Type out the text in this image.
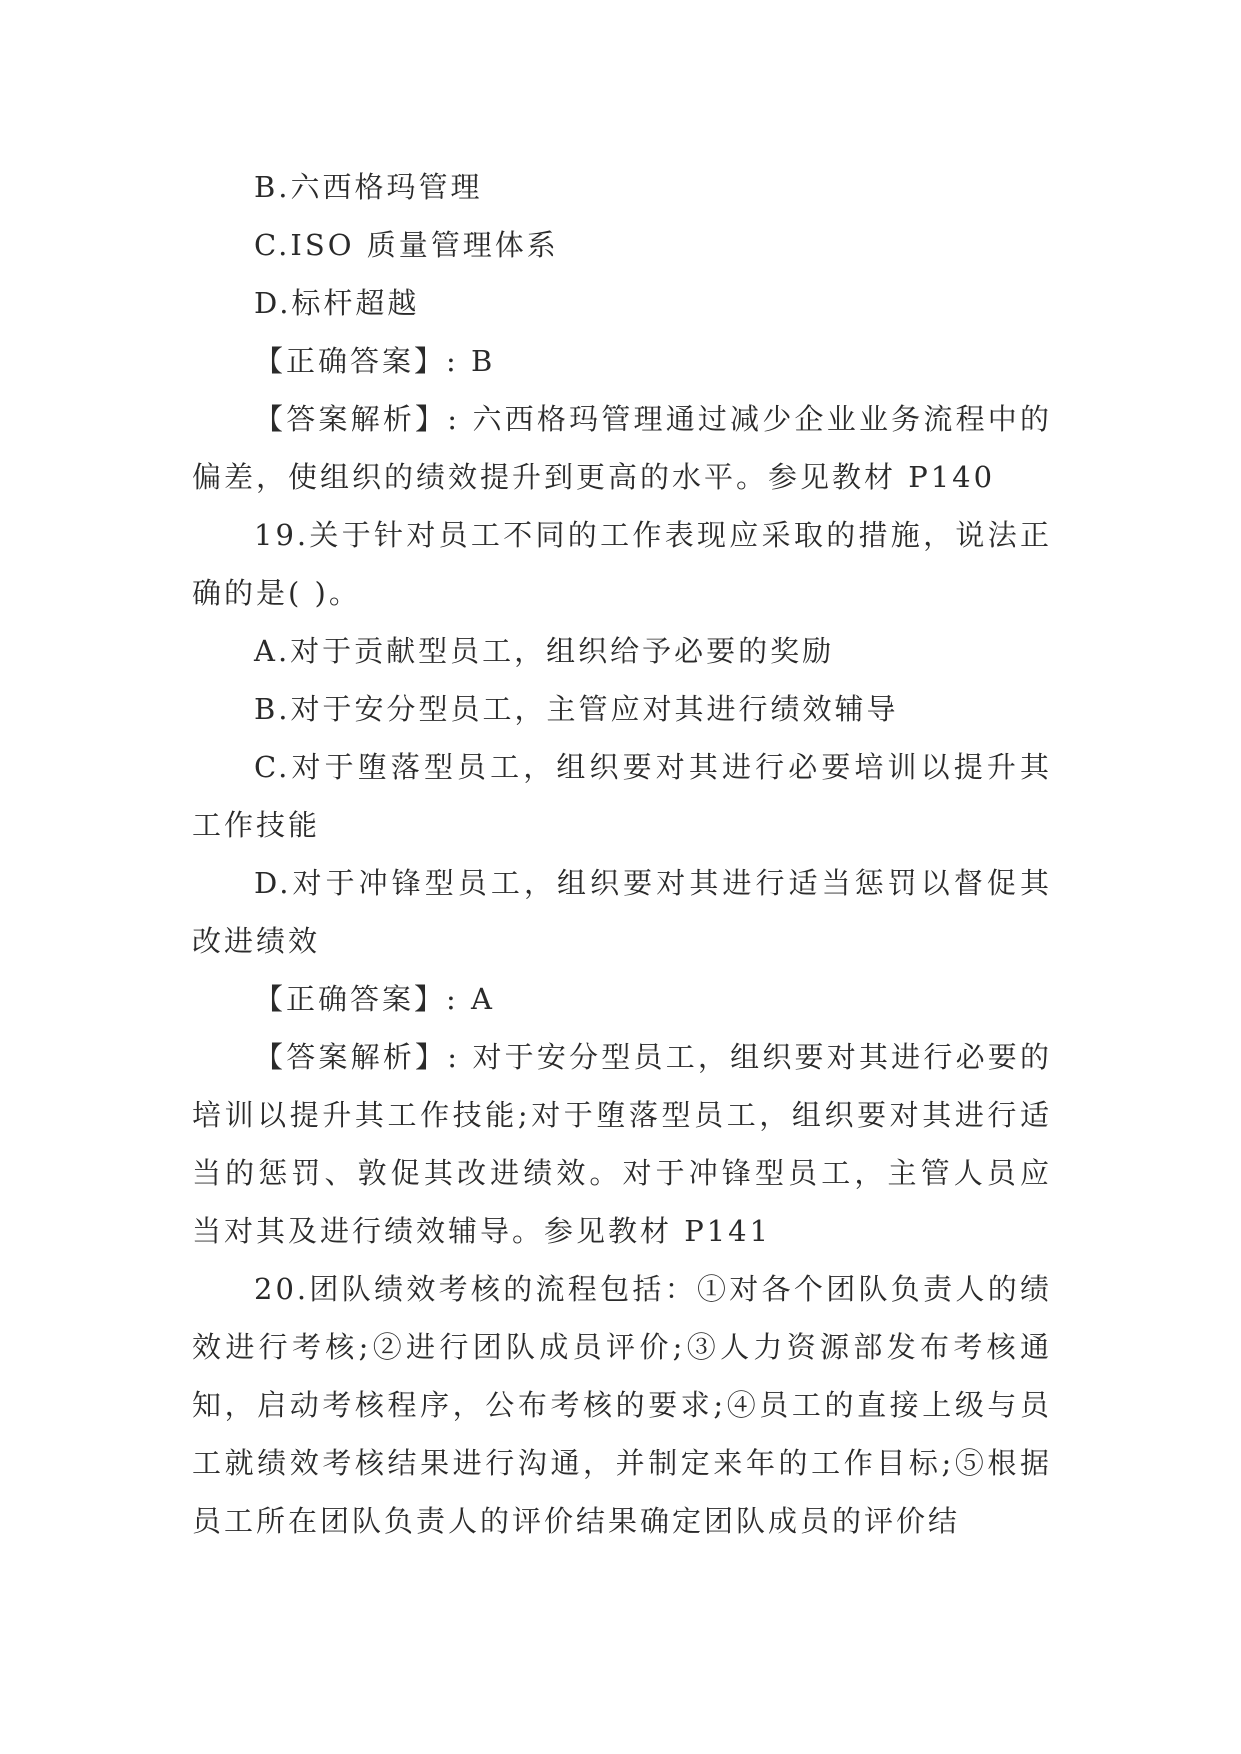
B.六西格玛管理

C.ISO 质量管理体系

D.标杆超越

【正确答案】: B

【答案解析】: 六西格玛管理通过减少企业业务流程中的偏差，使组织的绩效提升到更高的水平。参见教材 P140

19.关于针对员工不同的工作表现应采取的措施，说法正确的是( )。

A.对于贡献型员工，组织给予必要的奖励

B.对于安分型员工，主管应对其进行绩效辅导

C.对于堕落型员工，组织要对其进行必要培训以提升其工作技能

D.对于冲锋型员工，组织要对其进行适当惩罚以督促其改进绩效

【正确答案】: A

【答案解析】: 对于安分型员工，组织要对其进行必要的培训以提升其工作技能;对于堕落型员工，组织要对其进行适当的惩罚、敦促其改进绩效。对于冲锋型员工，主管人员应当对其及进行绩效辅导。参见教材 P141

20.团队绩效考核的流程包括：①对各个团队负责人的绩效进行考核;②进行团队成员评价;③人力资源部发布考核通知，启动考核程序，公布考核的要求;④员工的直接上级与员工就绩效考核结果进行沟通，并制定来年的工作目标;⑤根据员工所在团队负责人的评价结果确定团队成员的评价结
